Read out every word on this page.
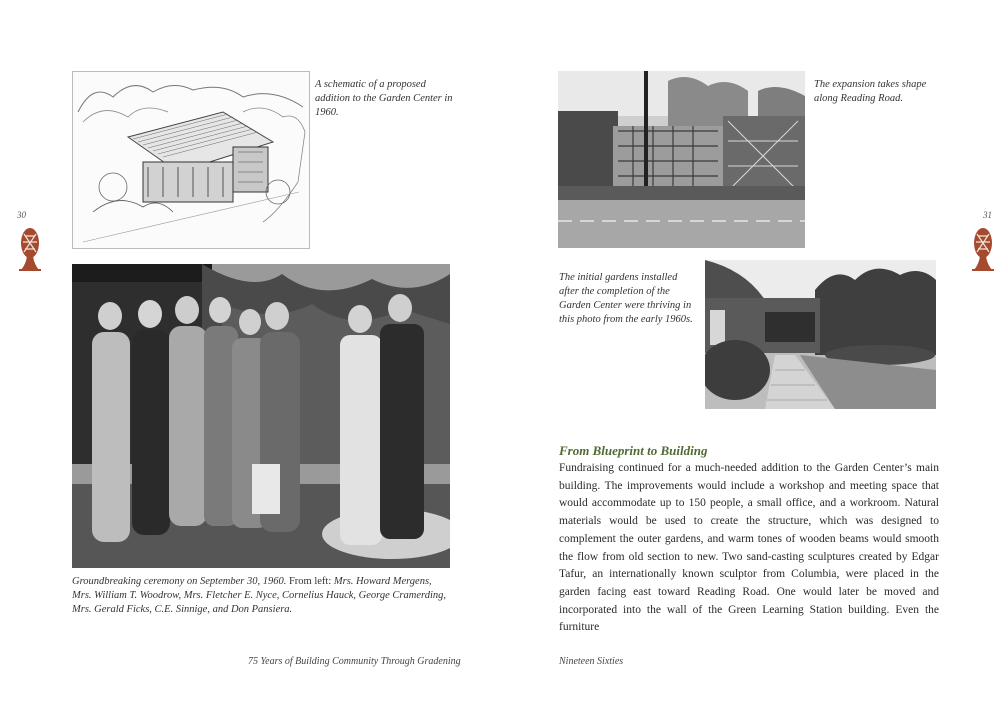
30	31
A schematic of a proposed addition to the Garden Center in 1960.
Groundbreaking ceremony on September 30, 1960. From left: Mrs. Howard Mergens, Mrs. William T. Woodrow, Mrs. Fletcher E. Nyce, Cornelius Hauck, George Cramerding, Mrs. Gerald Ficks, C.E. Sinnige, and Don Pansiera.
The expansion takes shape along Reading Road.
The initial gardens installed after the completion of the Garden Center were thriving in this photo from the early 1960s.
From Blueprint to Building
Fundraising continued for a much-needed addition to the Garden Center’s main building. The improvements would include a workshop and meeting space that would accommodate up to 150 people, a small office, and a workroom. Natural materials would be used to create the structure, which was designed to complement the outer gardens, and warm tones of wooden beams would smooth the flow from old section to new. Two sand-casting sculptures created by Edgar Tafur, an internationally known sculptor from Columbia, were placed in the garden facing east toward Reading Road. One would later be moved and incorporated into the wall of the Green Learning Station building. Even the furniture
75 Years of Building Community Through Gradening	Nineteen Sixties
